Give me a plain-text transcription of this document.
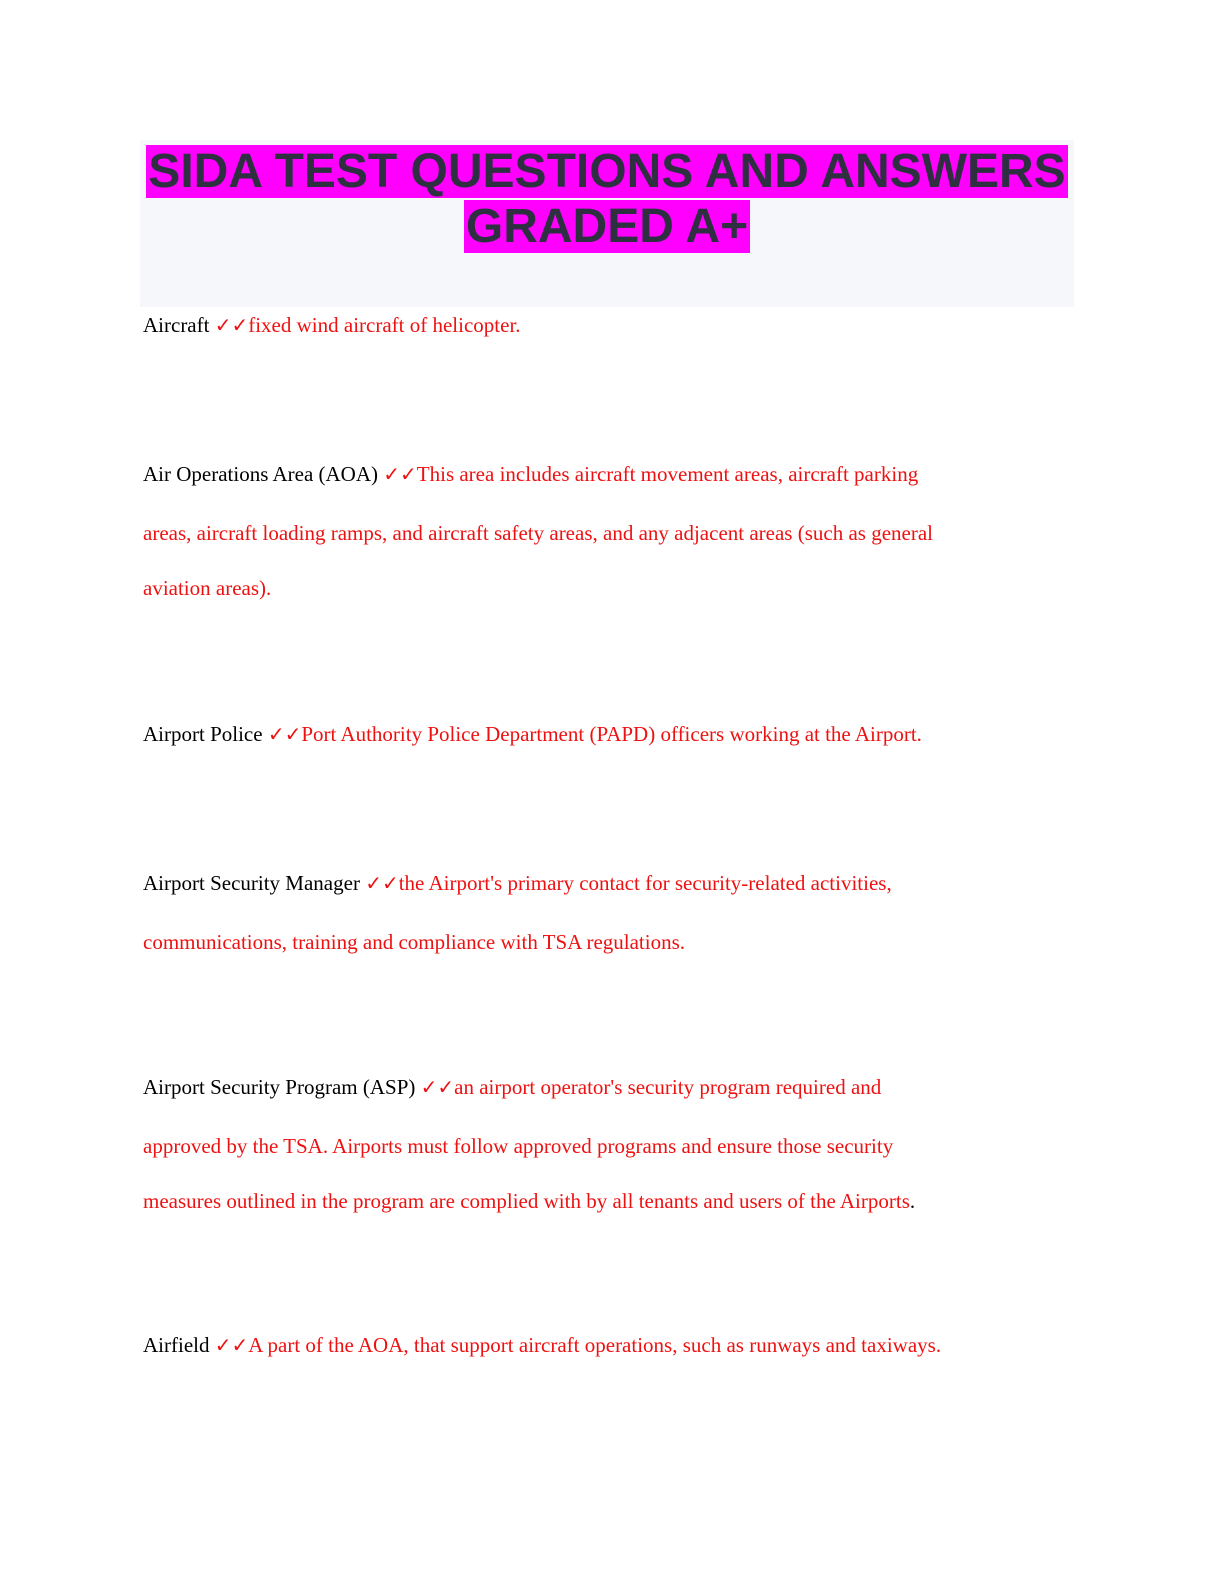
SIDA TEST QUESTIONS AND ANSWERS
GRADED A+
Aircraft ✓✓fixed wind aircraft of helicopter.
Air Operations Area (AOA) ✓✓This area includes aircraft movement areas, aircraft parking
areas, aircraft loading ramps, and aircraft safety areas, and any adjacent areas (such as general
aviation areas).
Airport Police ✓✓Port Authority Police Department (PAPD) officers working at the Airport.
Airport Security Manager ✓✓the Airport's primary contact for security-related activities,
communications, training and compliance with TSA regulations.
Airport Security Program (ASP) ✓✓an airport operator's security program required and
approved by the TSA. Airports must follow approved programs and ensure those security
measures outlined in the program are complied with by all tenants and users of the Airports.
Airfield ✓✓A part of the AOA, that support aircraft operations, such as runways and taxiways.
